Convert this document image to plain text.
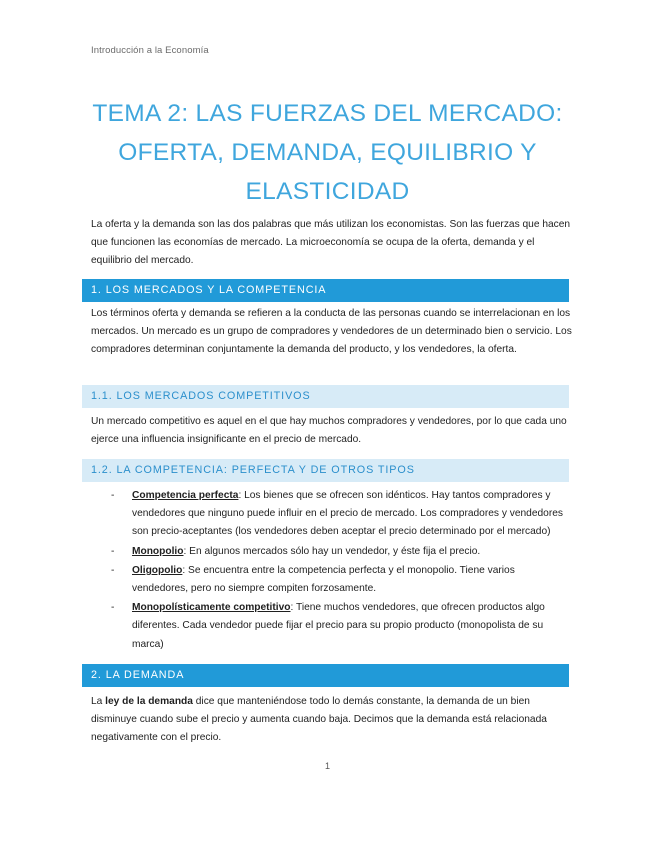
Introducción a la Economía
TEMA 2: LAS FUERZAS DEL MERCADO: OFERTA, DEMANDA, EQUILIBRIO Y ELASTICIDAD

La oferta y la demanda son las dos palabras que más utilizan los economistas. Son las fuerzas que hacen que funcionen las economías de mercado. La microeconomía se ocupa de la oferta, demanda y el equilibrio del mercado.

1. LOS MERCADOS Y LA COMPETENCIA

Los términos oferta y demanda se refieren a la conducta de las personas cuando se interrelacionan en los mercados. Un mercado es un grupo de compradores y vendedores de un determinado bien o servicio. Los compradores determinan conjuntamente la demanda del producto, y los vendedores, la oferta.

1.1. LOS MERCADOS COMPETITIVOS

Un mercado competitivo es aquel en el que hay muchos compradores y vendedores, por lo que cada uno ejerce una influencia insignificante en el precio de mercado.

1.2. LA COMPETENCIA: PERFECTA Y DE OTROS TIPOS
- Competencia perfecta: Los bienes que se ofrecen son idénticos. Hay tantos compradores y vendedores que ninguno puede influir en el precio de mercado. Los compradores y vendedores son precio-aceptantes (los vendedores deben aceptar el precio determinado por el mercado)
- Monopolio: En algunos mercados sólo hay un vendedor, y éste fija el precio.
- Oligopolio: Se encuentra entre la competencia perfecta y el monopolio. Tiene varios vendedores, pero no siempre compiten forzosamente.
- Monopolísticamente competitivo: Tiene muchos vendedores, que ofrecen productos algo diferentes. Cada vendedor puede fijar el precio para su propio producto (monopolista de su marca)
2. LA DEMANDA

La ley de la demanda dice que manteniéndose todo lo demás constante, la demanda de un bien disminuye cuando sube el precio y aumenta cuando baja. Decimos que la demanda está relacionada negativamente con el precio.

1
